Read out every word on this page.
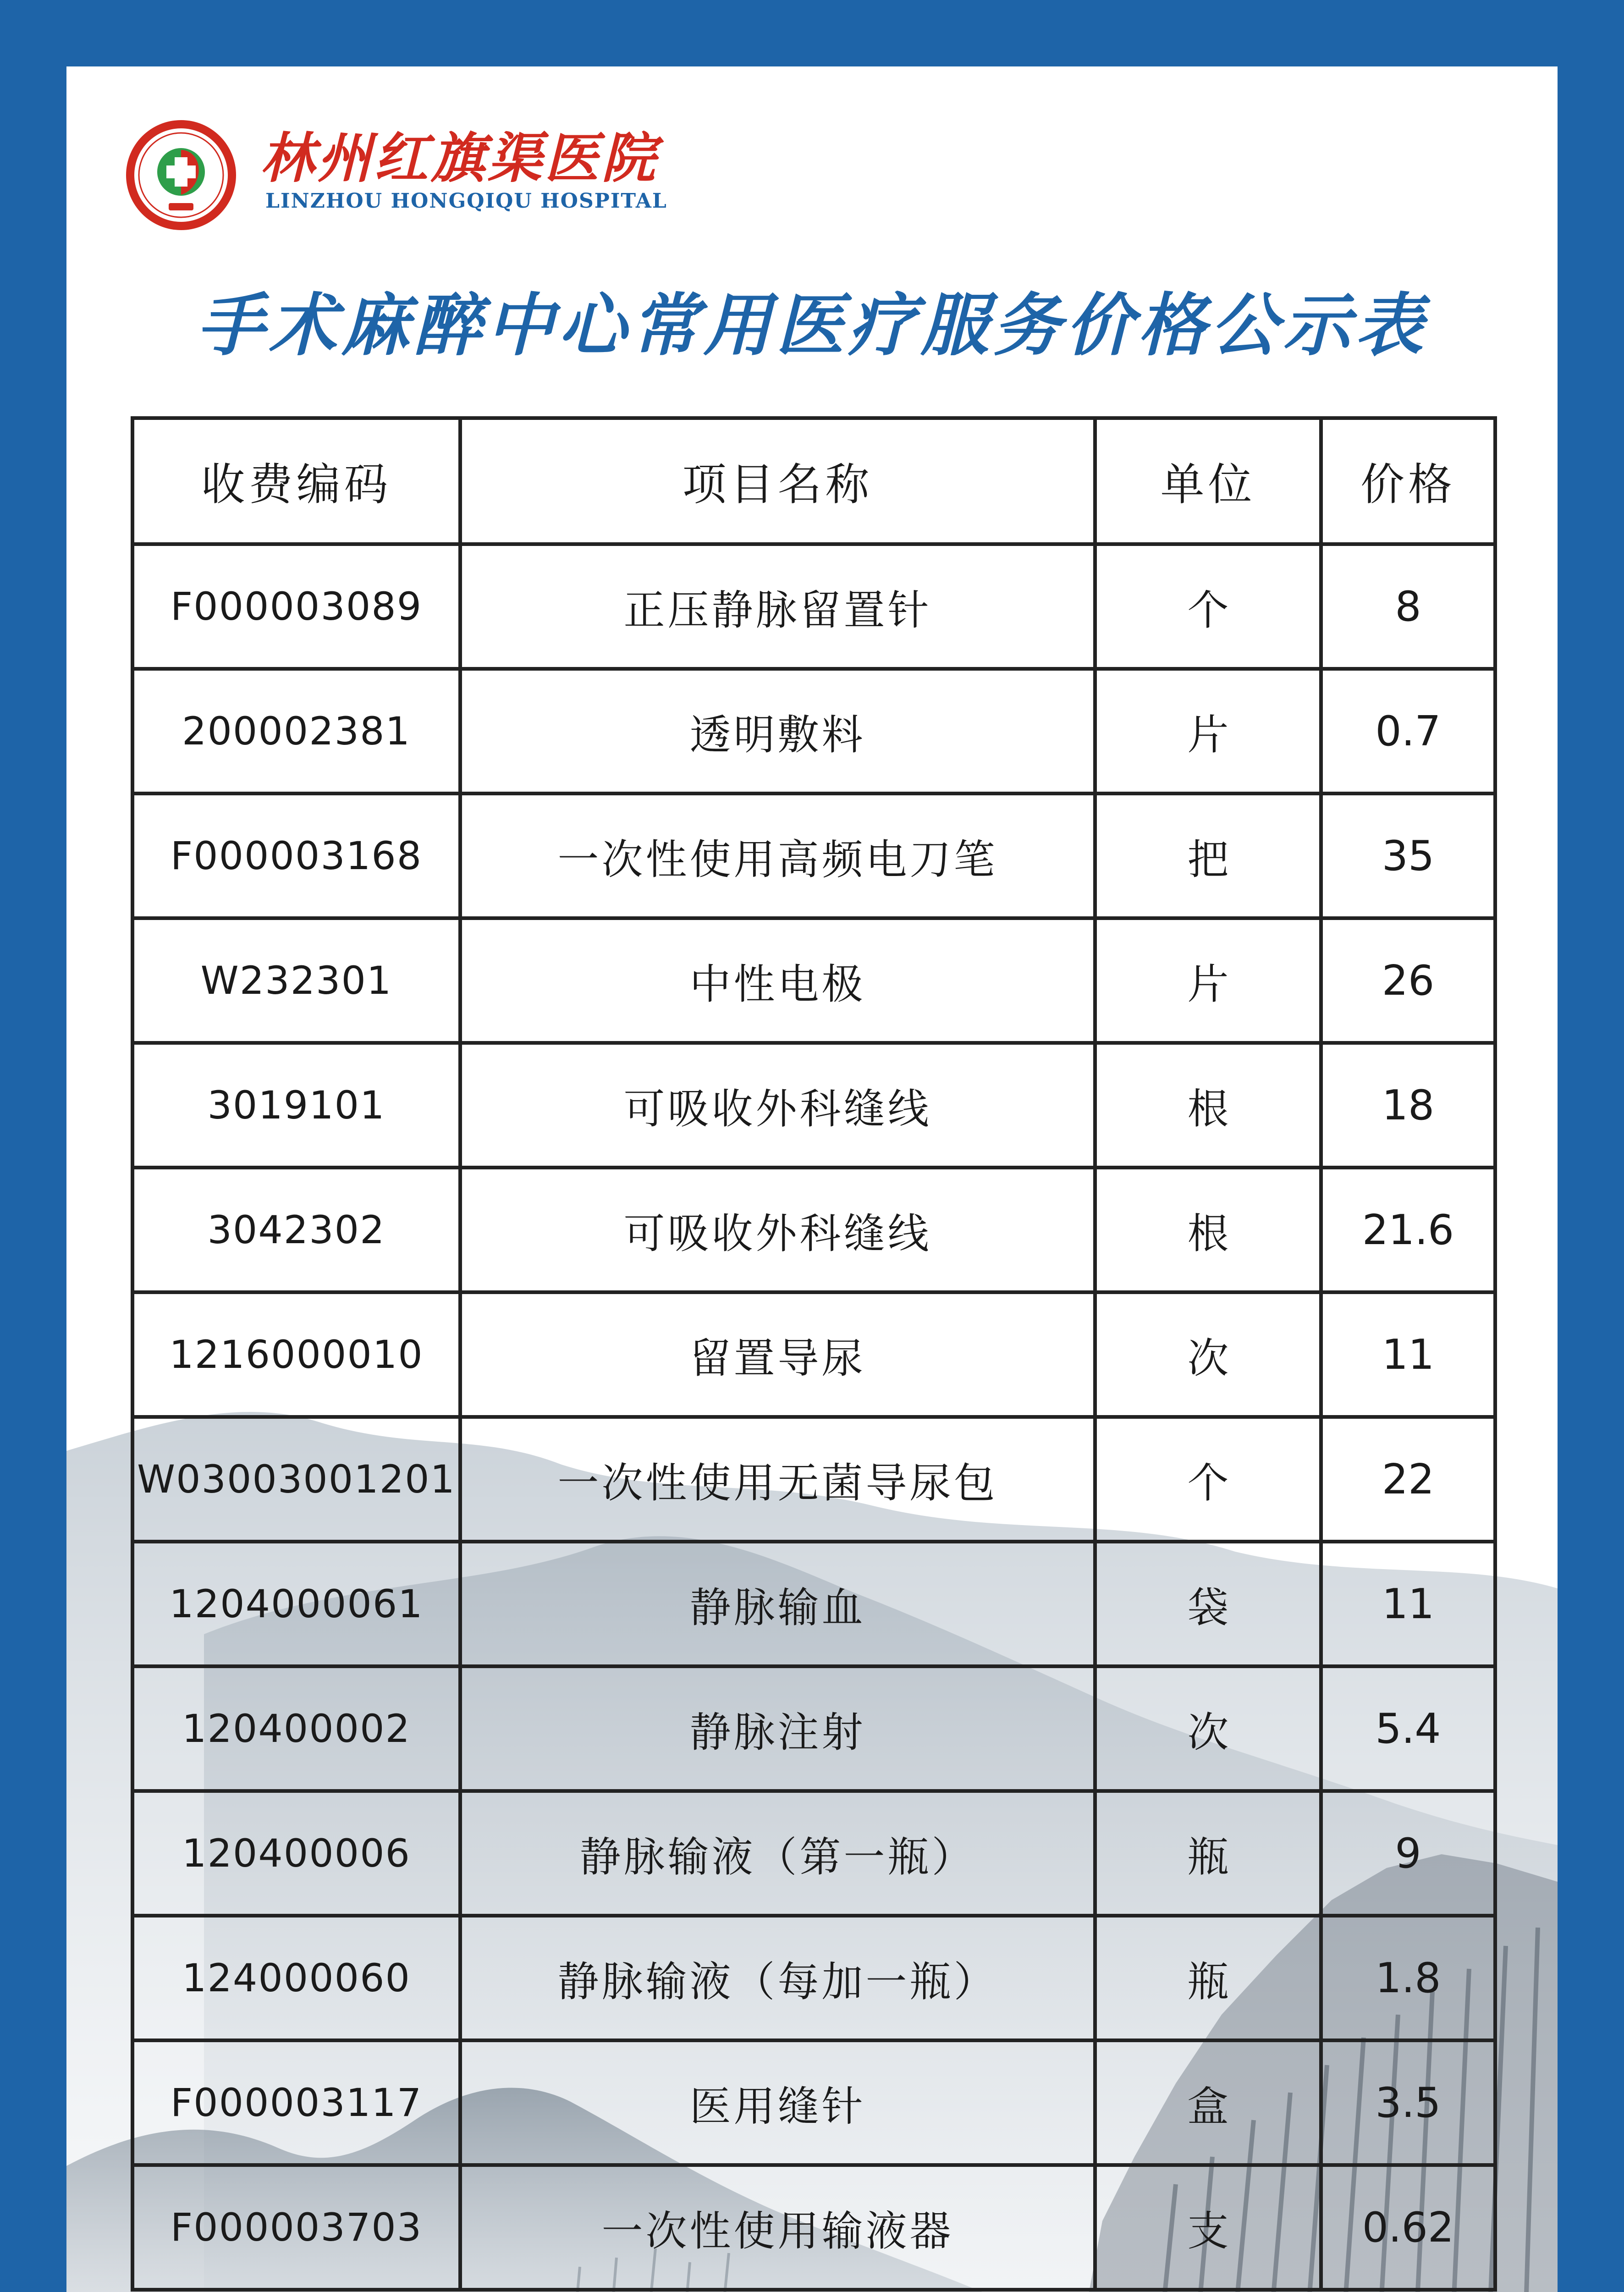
林州红旗渠医院
LINZHOU HONGQIQU HOSPITAL
手术麻醉中心常用医疗服务价格公示表
收费编码	项目名称	单位	价格
F000003089	正压静脉留置针	个	8
200002381	透明敷料	片	0.7
F000003168	一次性使用高频电刀笔	把	35
W232301	中性电极	片	26
3019101	可吸收外科缝线	根	18
3042302	可吸收外科缝线	根	21.6
1216000010	留置导尿	次	11
W03003001201	一次性使用无菌导尿包	个	22
1204000061	静脉输血	袋	11
120400002	静脉注射	次	5.4
120400006	静脉输液（第一瓶）	瓶	9
124000060	静脉输液（每加一瓶）	瓶	1.8
F000003117	医用缝针	盒	3.5
F000003703	一次性使用输液器	支	0.62
